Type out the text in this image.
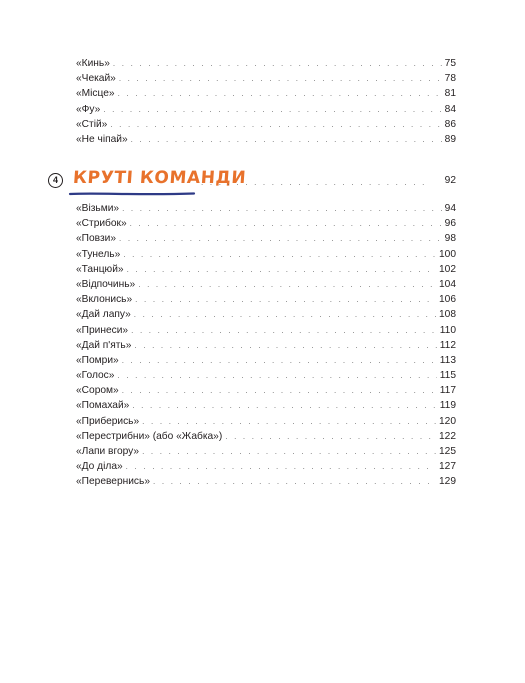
«Кинь» . . .	75
«Чекай» . . .	78
«Місце» . . .	81
«Фу» . . .	84
«Стій» . . .	86
«Не чіпай» . . .	89
4 КРУТІ КОМАНДИ . . .	92
«Візьми» . . .	94
«Стрибок» . . .	96
«Повзи» . . .	98
«Тунель» . . .	100
«Танцюй» . . .	102
«Відпочинь» . . .	104
«Вклонись» . . .	106
«Дай лапу» . . .	108
«Принеси» . . .	110
«Дай п'ять» . . .	112
«Помри» . . .	113
«Голос» . . .	115
«Сором» . . .	117
«Помахай» . . .	119
«Приберись» . . .	120
«Перестрибни» (або «Жабка») . . .	122
«Лапи вгору» . . .	125
«До діла» . . .	127
«Перевернись» . . .	129
